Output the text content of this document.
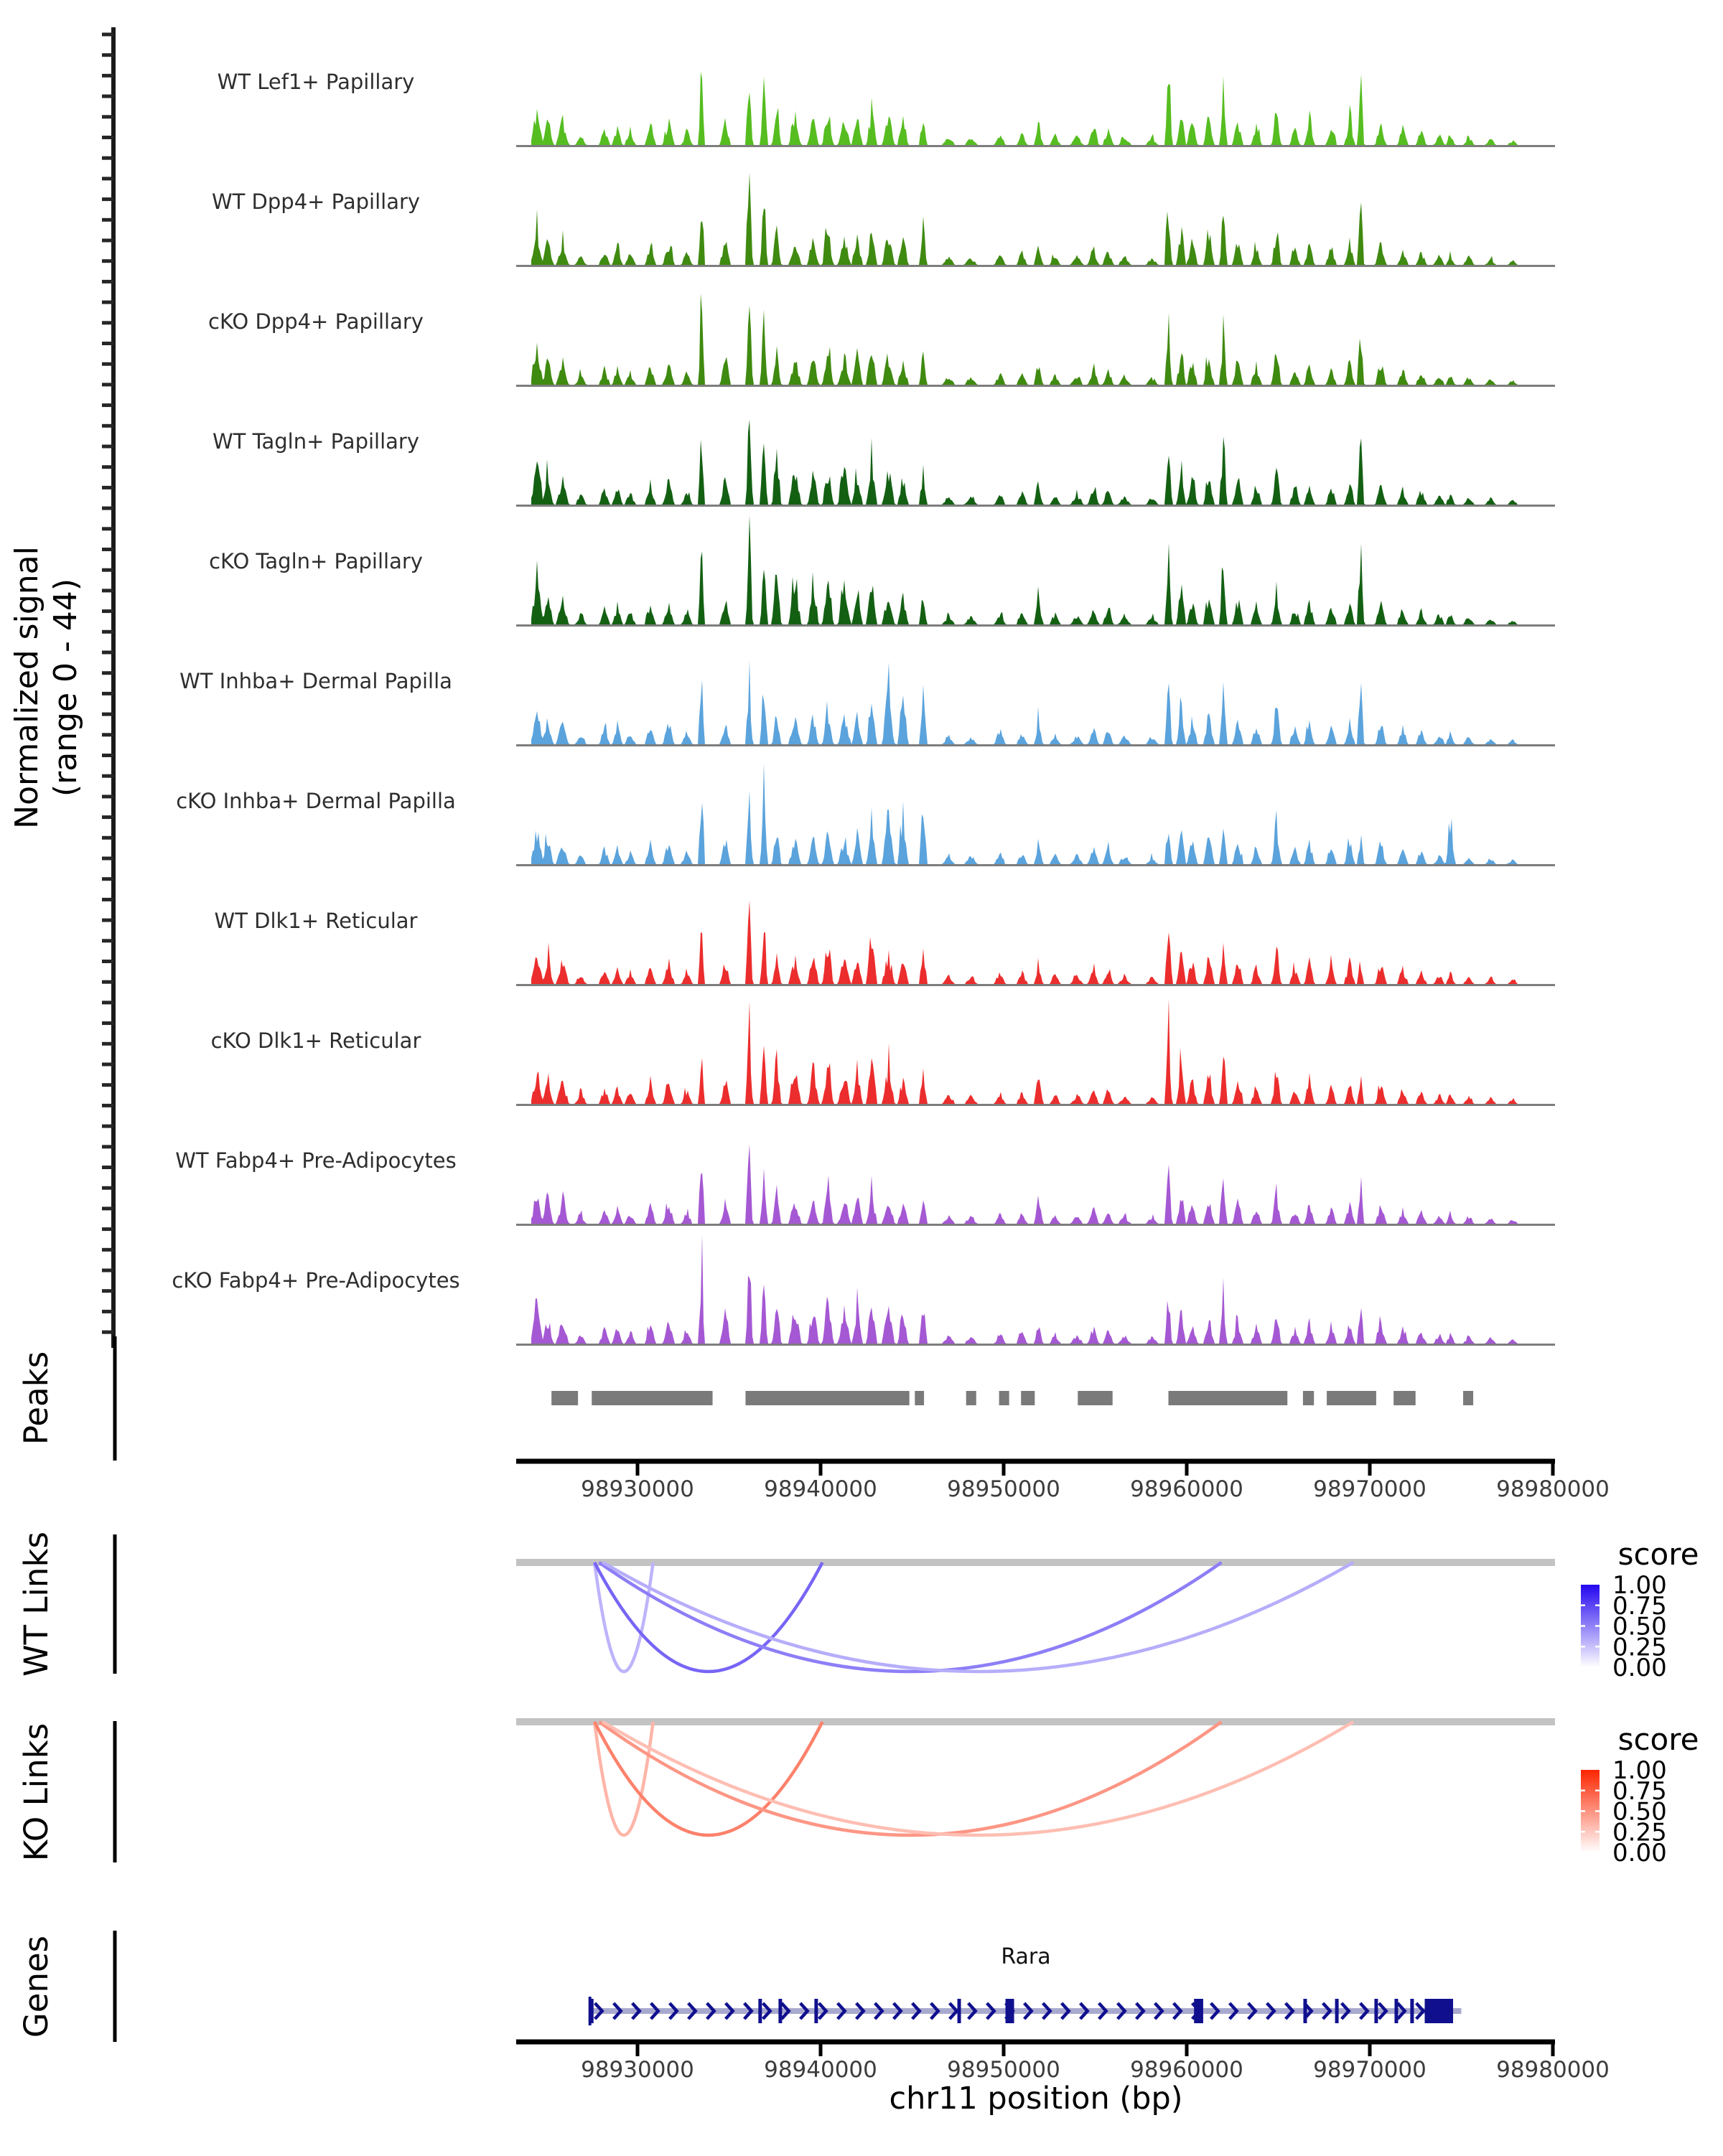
Normalized signal (range 0 - 44)
WT Lef1+ Papillary
WT Dpp4+ Papillary
cKO Dpp4+ Papillary
WT Tagln+ Papillary
cKO Tagln+ Papillary
WT Inhba+ Dermal Papilla
cKO Inhba+ Dermal Papilla
WT Dlk1+ Reticular
cKO Dlk1+ Reticular
WT Fabp4+ Pre-Adipocytes
cKO Fabp4+ Pre-Adipocytes
Peaks
98930000	98940000	98950000	98960000	98970000	98980000
WT Links	score
1.00
0.75
0.50
0.25
0.00
KO Links	score
1.00
0.75
0.50
0.25
0.00
Genes	Rara
98930000	98940000	98950000	98960000	98970000	98980000
chr11 position (bp)
